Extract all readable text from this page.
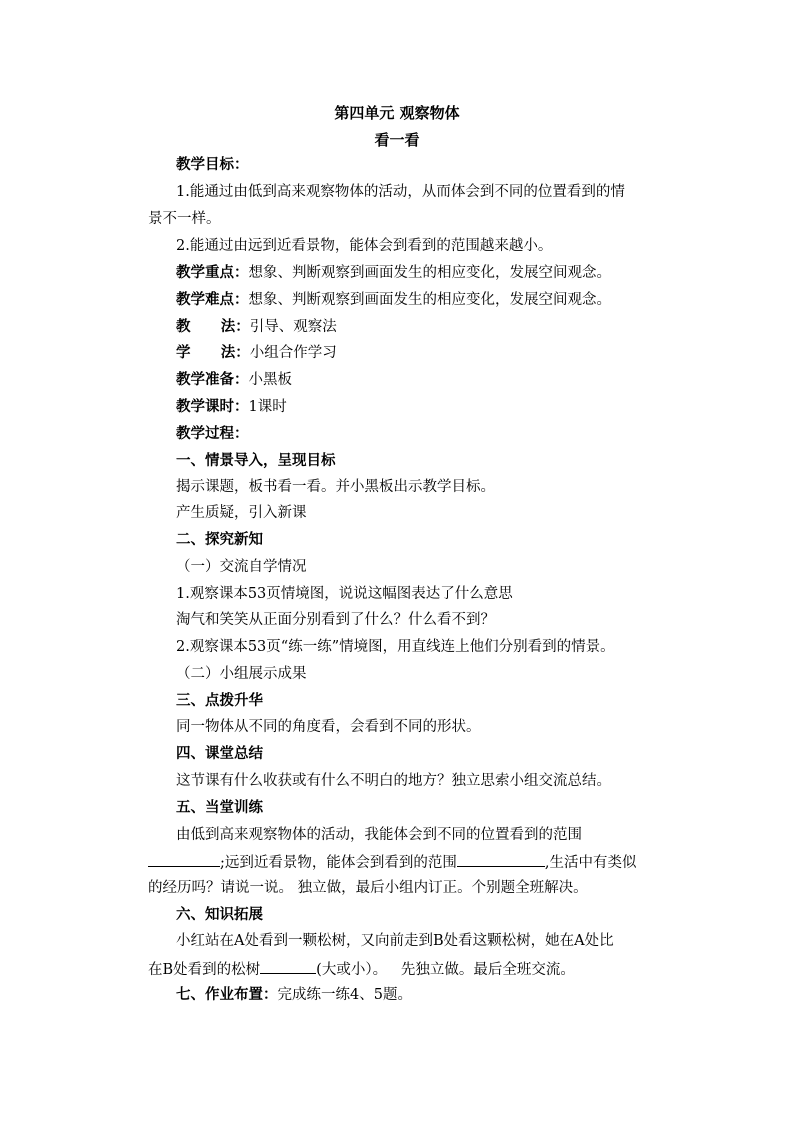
第四单元 观察物体
看一看
教学目标：
1.能通过由低到高来观察物体的活动，从而体会到不同的位置看到的情
景不一样。
2.能通过由远到近看景物，能体会到看到的范围越来越小。
教学重点：想象、判断观察到画面发生的相应变化，发展空间观念。
教学难点：想象、判断观察到画面发生的相应变化，发展空间观念。
教      法：引导、观察法
学      法：小组合作学习
教学准备：小黑板
教学课时：1课时
教学过程：
一、情景导入，呈现目标
揭示课题，板书看一看。并小黑板出示教学目标。
产生质疑，引入新课
二、探究新知
（一）交流自学情况
1.观察课本53页情境图，说说这幅图表达了什么意思
淘气和笑笑从正面分别看到了什么？什么看不到？
2.观察课本53页“练一练”情境图，用直线连上他们分别看到的情景。
（二）小组展示成果
三、点拨升华
同一物体从不同的角度看，会看到不同的形状。
四、课堂总结
这节课有什么收获或有什么不明白的地方？独立思索小组交流总结。
五、当堂训练
由低到高来观察物体的活动，我能体会到不同的位置看到的范围
;远到近看景物，能体会到看到的范围	,生活中有类似
的经历吗？请说一说。 独立做，最后小组内订正。个别题全班解决。
六、知识拓展
小红站在A处看到一颗松树，又向前走到B处看这颗松树，她在A处比
在B处看到的松树	(大或小）。   先独立做。最后全班交流。
七、作业布置：完成练一练4、5题。
